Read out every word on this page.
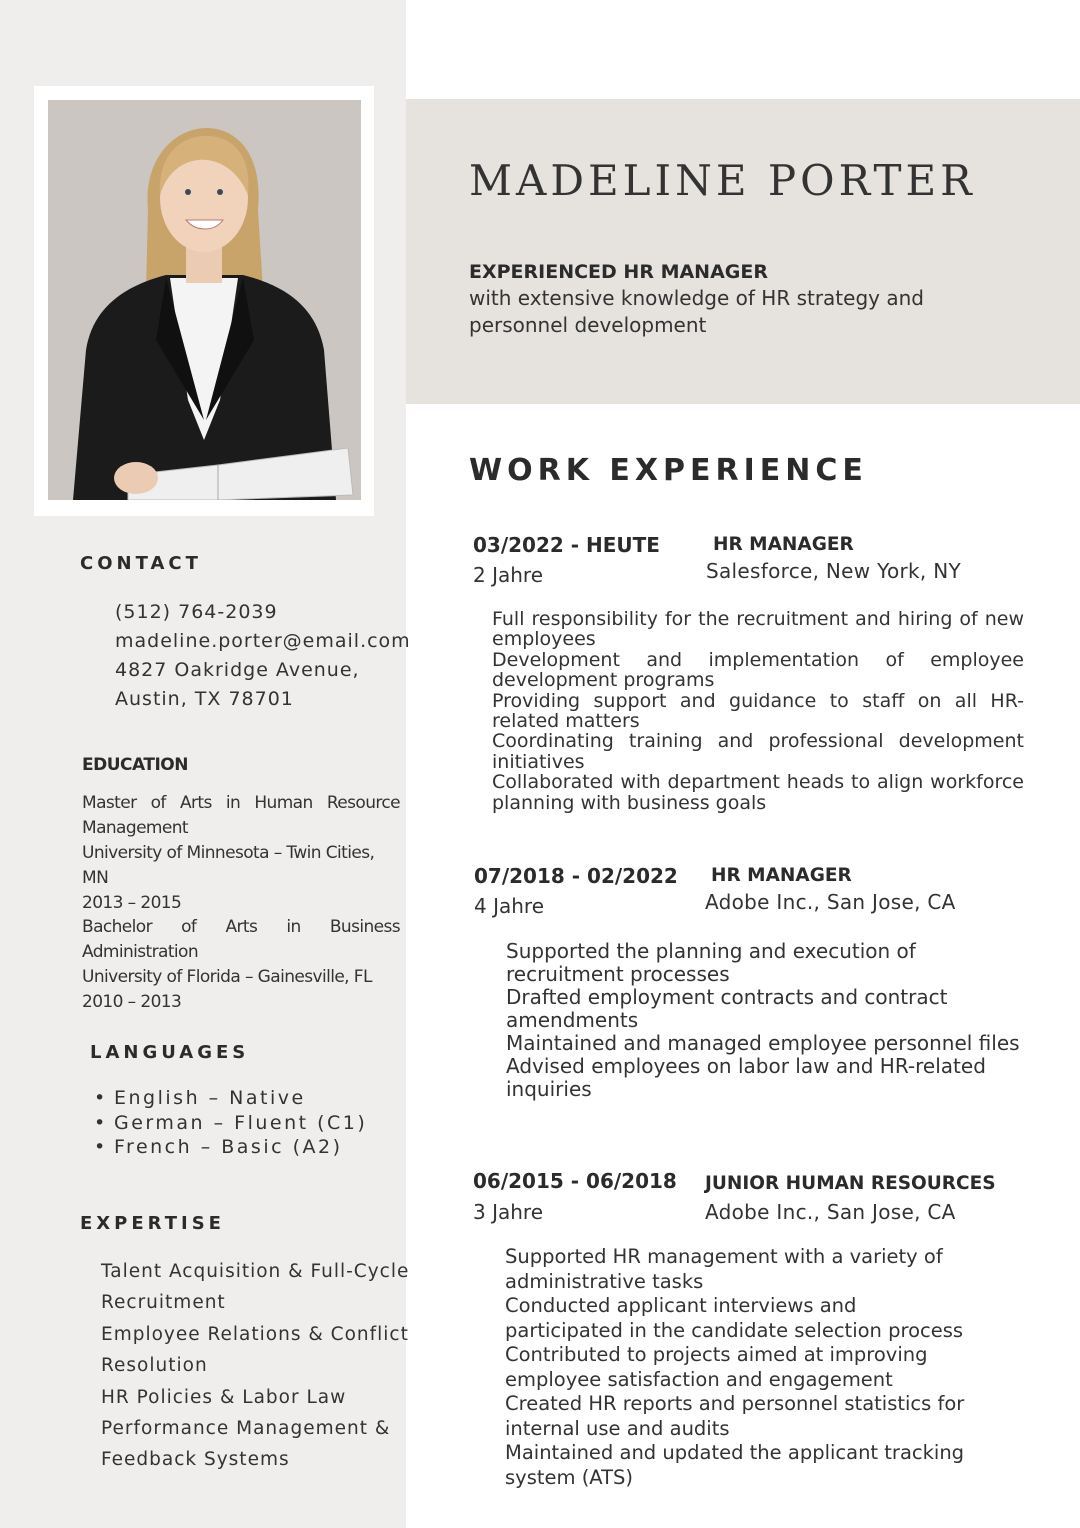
MADELINE PORTER
EXPERIENCED HR MANAGER
with extensive knowledge of HR strategy and
personnel development
CONTACT
(512) 764-2039
madeline.porter@email.com
4827 Oakridge Avenue,
Austin, TX 78701
EDUCATION
Master of Arts in Human Resource Management
University of Minnesota – Twin Cities, MN
2013 – 2015
Bachelor of Arts in Business Administration
University of Florida – Gainesville, FL
2010 – 2013
LANGUAGES
• English – Native
• German – Fluent (C1)
• French – Basic (A2)
EXPERTISE
Talent Acquisition & Full-Cycle
Recruitment
Employee Relations & Conflict
Resolution
HR Policies & Labor Law
Performance Management &
Feedback Systems
WORK EXPERIENCE
03/2022 - HEUTE
2 Jahre
HR MANAGER
Salesforce, New York, NY
Full responsibility for the recruitment and hiring of new employees
Development and implementation of employee development programs
Providing support and guidance to staff on all HR-related matters
Coordinating training and professional development initiatives
Collaborated with department heads to align workforce planning with business goals
07/2018 - 02/2022
4 Jahre
HR MANAGER
Adobe Inc., San Jose, CA
Supported the planning and execution of recruitment processes
Drafted employment contracts and contract amendments
Maintained and managed employee personnel files
Advised employees on labor law and HR-related inquiries
06/2015 - 06/2018
3 Jahre
JUNIOR HUMAN RESOURCES
Adobe Inc., San Jose, CA
Supported HR management with a variety of administrative tasks
Conducted applicant interviews and participated in the candidate selection process
Contributed to projects aimed at improving employee satisfaction and engagement
Created HR reports and personnel statistics for internal use and audits
Maintained and updated the applicant tracking system (ATS)
